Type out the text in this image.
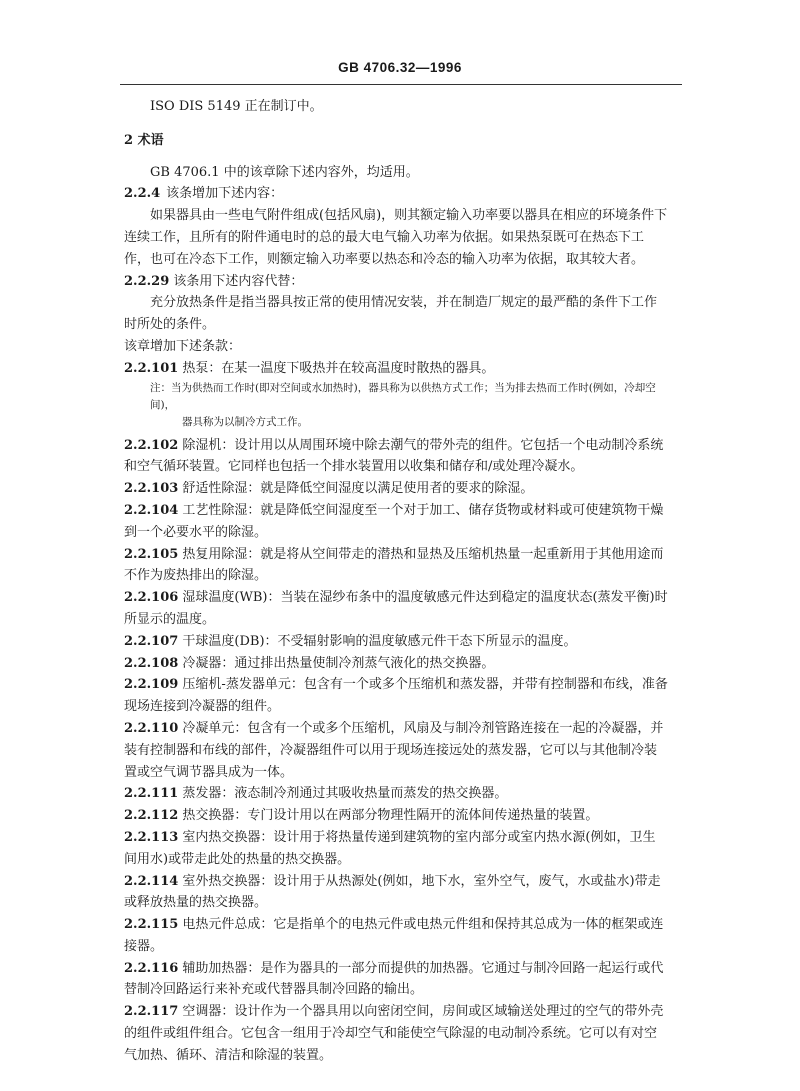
GB 4706.32—1996

ISO DIS 5149 正在制订中。

2 术语

GB 4706.1 中的该章除下述内容外，均适用。

2.2.4 该条增加下述内容：

如果器具由一些电气附件组成(包括风扇)，则其额定输入功率要以器具在相应的环境条件下连续工作，且所有的附件通电时的总的最大电气输入功率为依据。如果热泵既可在热态下工作，也可在冷态下工作，则额定输入功率要以热态和冷态的输入功率为依据，取其较大者。

2.2.29 该条用下述内容代替：

充分放热条件是指当器具按正常的使用情况安装，并在制造厂规定的最严酷的条件下工作时所处的条件。

该章增加下述条款：

2.2.101 热泵：在某一温度下吸热并在较高温度时散热的器具。

注：当为供热而工作时(即对空间或水加热时)，器具称为以供热方式工作；当为排去热而工作时(例如，冷却空间)，

器具称为以制冷方式工作。

2.2.102 除湿机：设计用以从周围环境中除去潮气的带外壳的组件。它包括一个电动制冷系统和空气循环装置。它同样也包括一个排水装置用以收集和储存和/或处理冷凝水。

2.2.103 舒适性除湿：就是降低空间湿度以满足使用者的要求的除湿。

2.2.104 工艺性除湿：就是降低空间湿度至一个对于加工、储存货物或材料或可使建筑物干燥到一个必要水平的除湿。

2.2.105 热复用除湿：就是将从空间带走的潜热和显热及压缩机热量一起重新用于其他用途而不作为废热排出的除湿。

2.2.106 湿球温度(WB)：当装在湿纱布条中的温度敏感元件达到稳定的温度状态(蒸发平衡)时所显示的温度。

2.2.107 干球温度(DB)：不受辐射影响的温度敏感元件干态下所显示的温度。

2.2.108 冷凝器：通过排出热量使制冷剂蒸气液化的热交换器。

2.2.109 压缩机-蒸发器单元：包含有一个或多个压缩机和蒸发器，并带有控制器和布线，准备现场连接到冷凝器的组件。

2.2.110 冷凝单元：包含有一个或多个压缩机，风扇及与制冷剂管路连接在一起的冷凝器，并装有控制器和布线的部件，冷凝器组件可以用于现场连接远处的蒸发器，它可以与其他制冷装置或空气调节器具成为一体。

2.2.111 蒸发器：液态制冷剂通过其吸收热量而蒸发的热交换器。

2.2.112 热交换器：专门设计用以在两部分物理性隔开的流体间传递热量的装置。

2.2.113 室内热交换器：设计用于将热量传递到建筑物的室内部分或室内热水源(例如，卫生间用水)或带走此处的热量的热交换器。

2.2.114 室外热交换器：设计用于从热源处(例如，地下水，室外空气，废气，水或盐水)带走或释放热量的热交换器。

2.2.115 电热元件总成：它是指单个的电热元件或电热元件组和保持其总成为一体的框架或连接器。

2.2.116 辅助加热器：是作为器具的一部分而提供的加热器。它通过与制冷回路一起运行或代替制冷回路运行来补充或代替器具制冷回路的输出。

2.2.117 空调器：设计作为一个器具用以向密闭空间，房间或区域输送处理过的空气的带外壳的组件或组件组合。它包含一组用于冷却空气和能使空气除湿的电动制冷系统。它可以有对空气加热、循环、清洁和除湿的装置。
